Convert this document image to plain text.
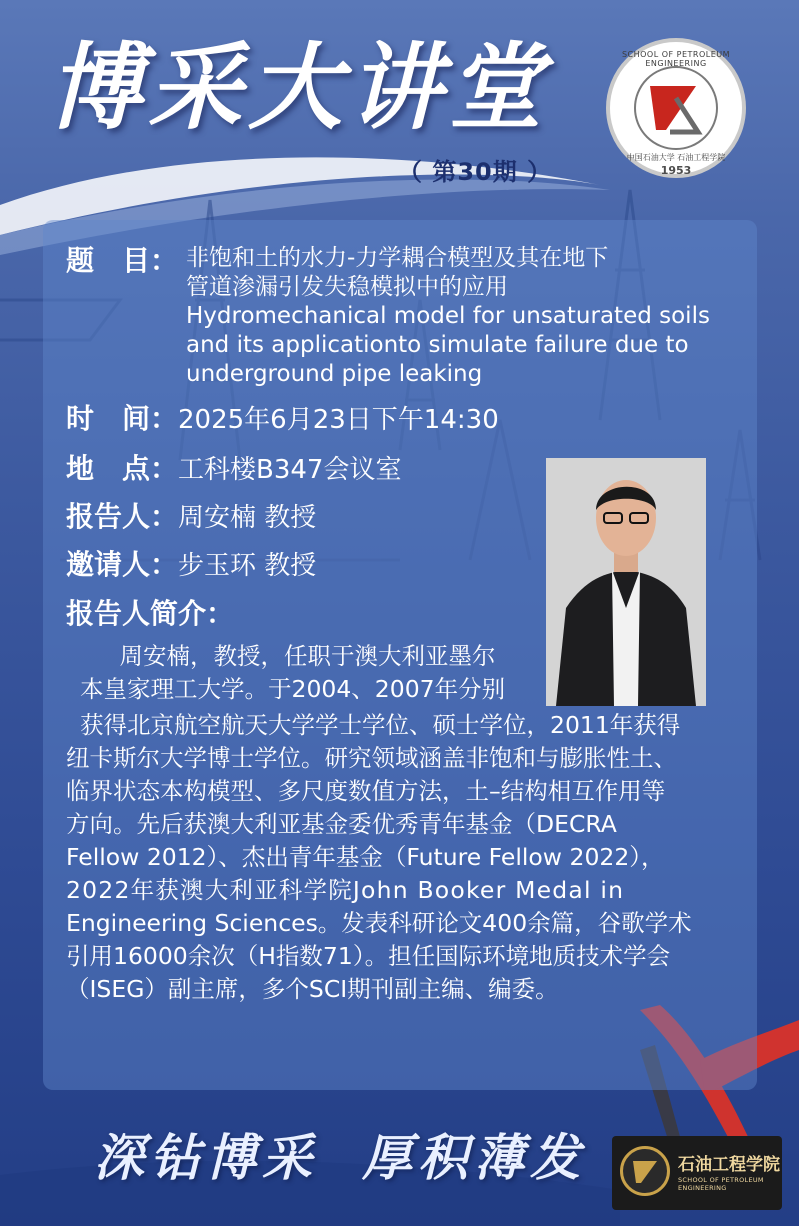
博采大讲堂
（ 第30期 ）
SCHOOL OF PETROLEUM ENGINEERING
中国石油大学 石油工程学院
1953
题　目： 非饱和土的水力-力学耦合模型及其在地下
管道渗漏引发失稳模拟中的应用
Hydromechanical model for unsaturated soils
and its applicationto simulate failure due to
underground pipe leaking
时　间：2025年6月23日下午14:30
地　点：工科楼B347会议室
报告人：周安楠 教授
邀请人：步玉环 教授
报告人简介：
　周安楠，教授，任职于澳大利亚墨尔
本皇家理工大学。于2004、2007年分别
获得北京航空航天大学学士学位、硕士学位，2011年获得
纽卡斯尔大学博士学位。研究领域涵盖非饱和与膨胀性土、
临界状态本构模型、多尺度数值方法，土–结构相互作用等
方向。先后获澳大利亚基金委优秀青年基金（DECRA
Fellow 2012）、杰出青年基金（Future Fellow 2022），
2022年获澳大利亚科学院John Booker Medal in
Engineering Sciences。发表科研论文400余篇，谷歌学术
引用16000余次（H指数71）。担任国际环境地质技术学会
（ISEG）副主席，多个SCI期刊副主编、编委。
深钻博采 厚积薄发	石油工程学院
SCHOOL OF PETROLEUM ENGINEERING
